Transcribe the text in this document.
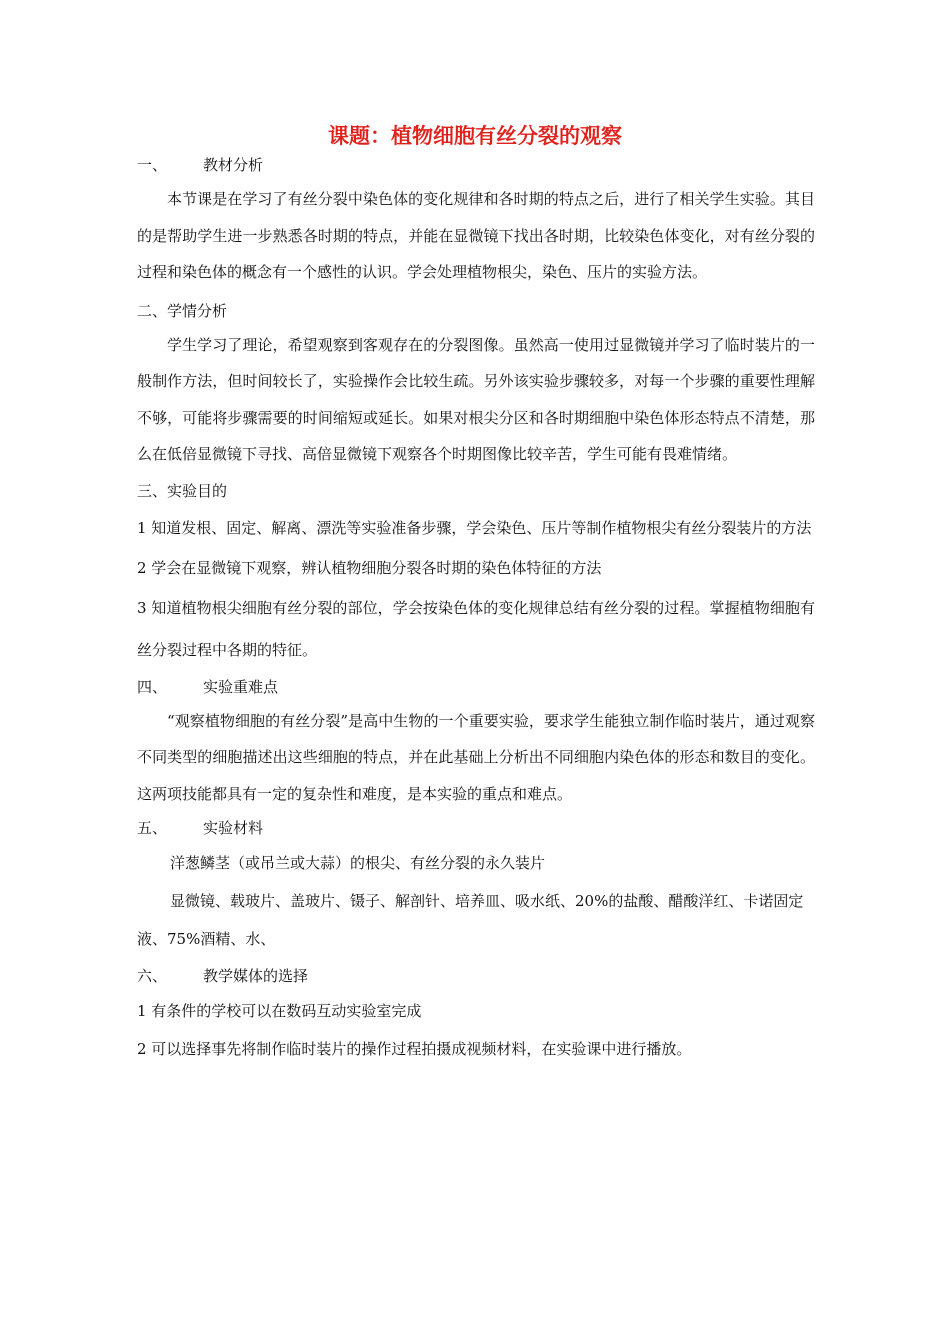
课题：植物细胞有丝分裂的观察
一、 教材分析

本节课是在学习了有丝分裂中染色体的变化规律和各时期的特点之后，进行了相关学生实验。其目的是帮助学生进一步熟悉各时期的特点，并能在显微镜下找出各时期，比较染色体变化，对有丝分裂的过程和染色体的概念有一个感性的认识。学会处理植物根尖，染色、压片的实验方法。

二、学情分析

学生学习了理论，希望观察到客观存在的分裂图像。虽然高一使用过显微镜并学习了临时装片的一般制作方法，但时间较长了，实验操作会比较生疏。另外该实验步骤较多，对每一个步骤的重要性理解不够，可能将步骤需要的时间缩短或延长。如果对根尖分区和各时期细胞中染色体形态特点不清楚，那么在低倍显微镜下寻找、高倍显微镜下观察各个时期图像比较辛苦，学生可能有畏难情绪。

三、实验目的

1 知道发根、固定、解离、漂洗等实验准备步骤，学会染色、压片等制作植物根尖有丝分裂装片的方法

2 学会在显微镜下观察，辨认植物细胞分裂各时期的染色体特征的方法

3 知道植物根尖细胞有丝分裂的部位，学会按染色体的变化规律总结有丝分裂的过程。掌握植物细胞有丝分裂过程中各期的特征。

四、 实验重难点

“观察植物细胞的有丝分裂”是高中生物的一个重要实验，要求学生能独立制作临时装片，通过观察不同类型的细胞描述出这些细胞的特点，并在此基础上分析出不同细胞内染色体的形态和数目的变化。这两项技能都具有一定的复杂性和难度，是本实验的重点和难点。

五、 实验材料

洋葱鳞茎（或吊兰或大蒜）的根尖、有丝分裂的永久装片

显微镜、载玻片、盖玻片、镊子、解剖针、培养皿、吸水纸、20%的盐酸、醋酸洋红、卡诺固定液、75%酒精、水、

六、 教学媒体的选择

1 有条件的学校可以在数码互动实验室完成

2 可以选择事先将制作临时装片的操作过程拍摄成视频材料，在实验课中进行播放。
